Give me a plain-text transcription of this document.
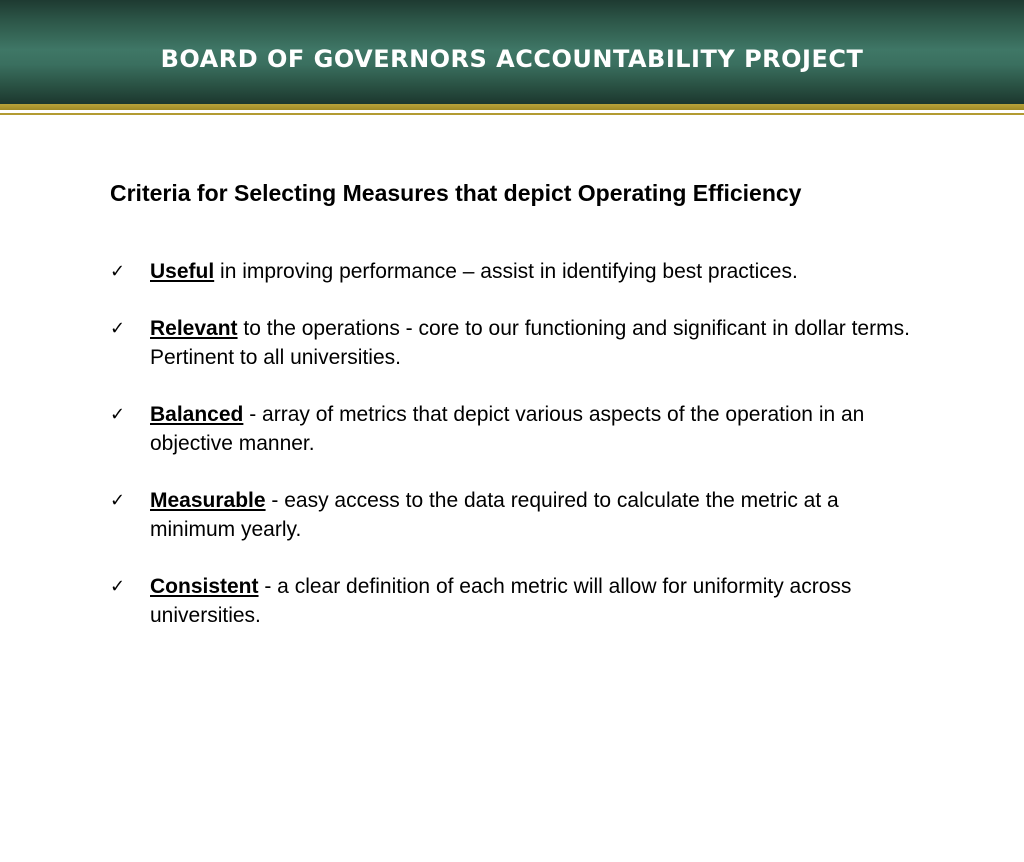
BOARD OF GOVERNORS ACCOUNTABILITY PROJECT
Criteria for Selecting Measures that depict Operating Efficiency
✓ Useful in improving performance – assist in identifying best practices.
✓ Relevant to the operations - core to our functioning and significant in dollar terms. Pertinent to all universities.
✓ Balanced - array of metrics that depict various aspects of the operation in an objective manner.
✓ Measurable - easy access to the data required to calculate the metric at a minimum yearly.
✓ Consistent - a clear definition of each metric will allow for uniformity across universities.
